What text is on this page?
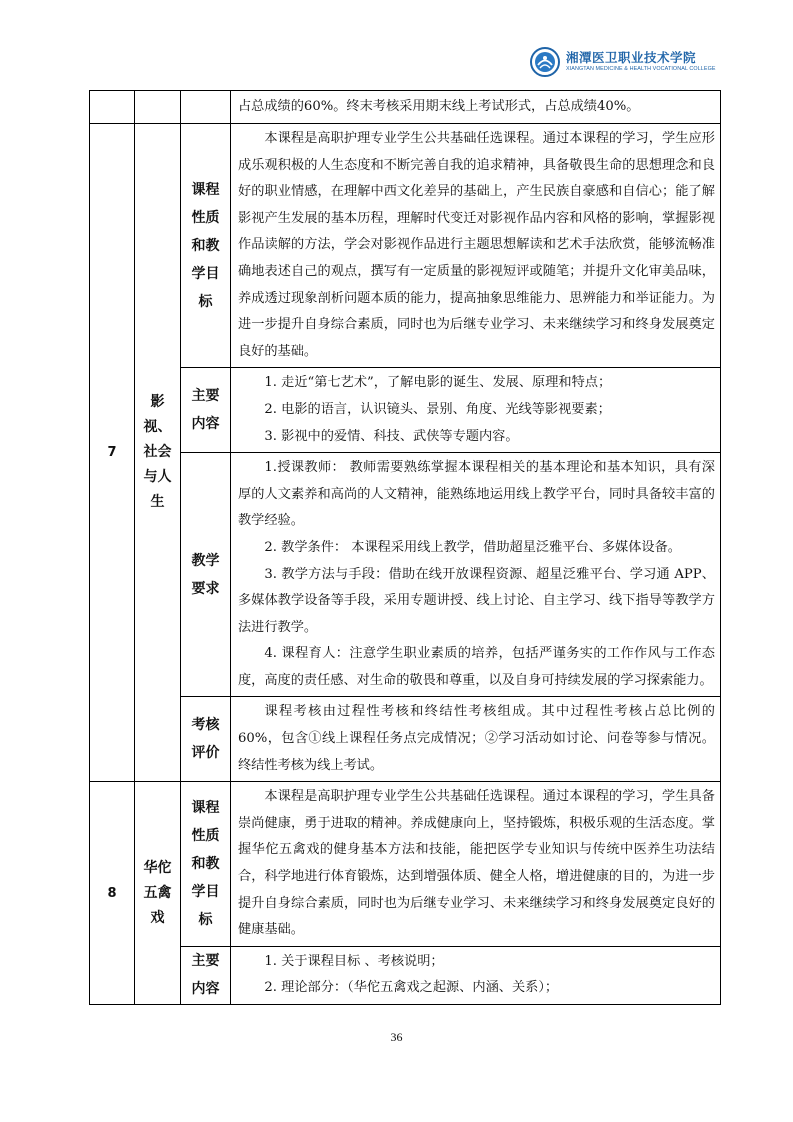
湘潭医卫职业技术学院
XIANGTAN MEDICINE & HEALTH VOCATIONAL COLLEGE

			占总成绩的60%。终末考核采用期末线上考试形式，占总成绩40%。

7	影视、社会与人生	课程性质和教学目标	本课程是高职护理专业学生公共基础任选课程。通过本课程的学习，学生应形成乐观积极的人生态度和不断完善自我的追求精神，具备敬畏生命的思想理念和良好的职业情感，在理解中西文化差异的基础上，产生民族自豪感和自信心；能了解影视产生发展的基本历程，理解时代变迁对影视作品内容和风格的影响，掌握影视作品读解的方法，学会对影视作品进行主题思想解读和艺术手法欣赏，能够流畅准确地表述自己的观点，撰写有一定质量的影视短评或随笔；并提升文化审美品味，养成透过现象剖析问题本质的能力，提高抽象思维能力、思辨能力和举证能力。为进一步提升自身综合素质，同时也为后继专业学习、未来继续学习和终身发展奠定良好的基础。

		主要内容	1. 走近“第七艺术”，了解电影的诞生、发展、原理和特点；

2. 电影的语言，认识镜头、景别、角度、光线等影视要素；

3. 影视中的爱情、科技、武侠等专题内容。

		教学要求	1.授课教师： 教师需要熟练掌握本课程相关的基本理论和基本知识，具有深厚的人文素养和高尚的人文精神，能熟练地运用线上教学平台，同时具备较丰富的教学经验。

2. 教学条件： 本课程采用线上教学，借助超星泛雅平台、多媒体设备。

3. 教学方法与手段：借助在线开放课程资源、超星泛雅平台、学习通 APP、多媒体教学设备等手段，采用专题讲授、线上讨论、自主学习、线下指导等教学方法进行教学。

4. 课程育人：注意学生职业素质的培养，包括严谨务实的工作作风与工作态度，高度的责任感、对生命的敬畏和尊重，以及自身可持续发展的学习探索能力。

		考核评价	课程考核由过程性考核和终结性考核组成。其中过程性考核占总比例的60%，包含①线上课程任务点完成情况；②学习活动如讨论、问卷等参与情况。终结性考核为线上考试。

8	华佗五禽戏	课程性质和教学目标	本课程是高职护理专业学生公共基础任选课程。通过本课程的学习，学生具备崇尚健康，勇于进取的精神。养成健康向上，坚持锻炼，积极乐观的生活态度。掌握华佗五禽戏的健身基本方法和技能，能把医学专业知识与传统中医养生功法结合，科学地进行体育锻炼，达到增强体质、健全人格，增进健康的目的，为进一步提升自身综合素质，同时也为后继专业学习、未来继续学习和终身发展奠定良好的健康基础。

		主要内容	1. 关于课程目标 、考核说明；

2. 理论部分：（华佗五禽戏之起源、内涵、关系）；

36
